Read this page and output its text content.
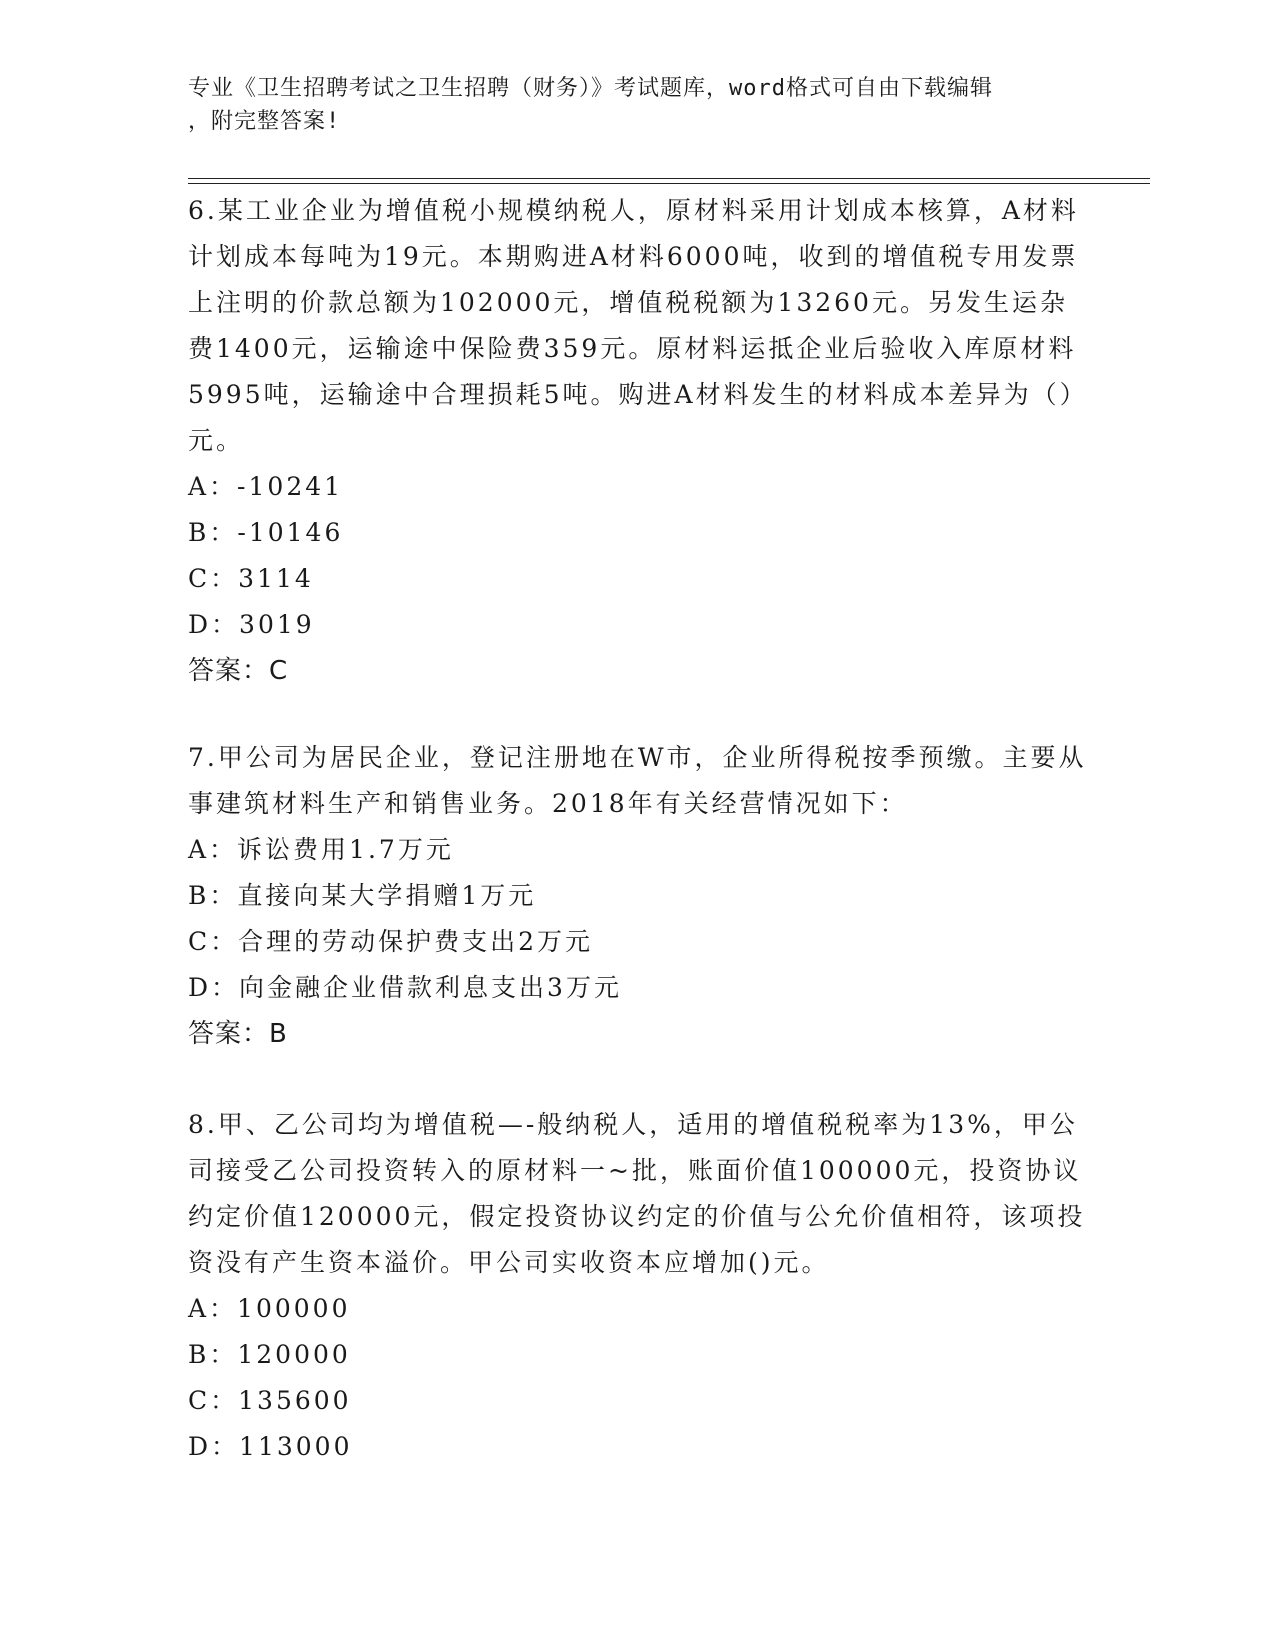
专业《卫生招聘考试之卫生招聘（财务）》考试题库，word格式可自由下载编辑
，附完整答案!

6.某工业企业为增值税小规模纳税人，原材料采用计划成本核算，A材料计划成本每吨为19元。本期购进A材料6000吨，收到的增值税专用发票上注明的价款总额为102000元，增值税税额为13260元。另发生运杂费1400元，运输途中保险费359元。原材料运抵企业后验收入库原材料5995吨，运输途中合理损耗5吨。购进A材料发生的材料成本差异为（）元。

A：-10241

B：-10146

C：3114

D：3019

答案：C

7.甲公司为居民企业，登记注册地在W市，企业所得税按季预缴。主要从事建筑材料生产和销售业务。2018年有关经营情况如下：

A：诉讼费用1.7万元

B：直接向某大学捐赠1万元

C：合理的劳动保护费支出2万元

D：向金融企业借款利息支出3万元

答案：B

8.甲、乙公司均为增值税—-般纳税人，适用的增值税税率为13%，甲公司接受乙公司投资转入的原材料一~批，账面价值100000元，投资协议约定价值120000元，假定投资协议约定的价值与公允价值相符，该项投资没有产生资本溢价。甲公司实收资本应增加()元。

A：100000

B：120000

C：135600

D：113000
